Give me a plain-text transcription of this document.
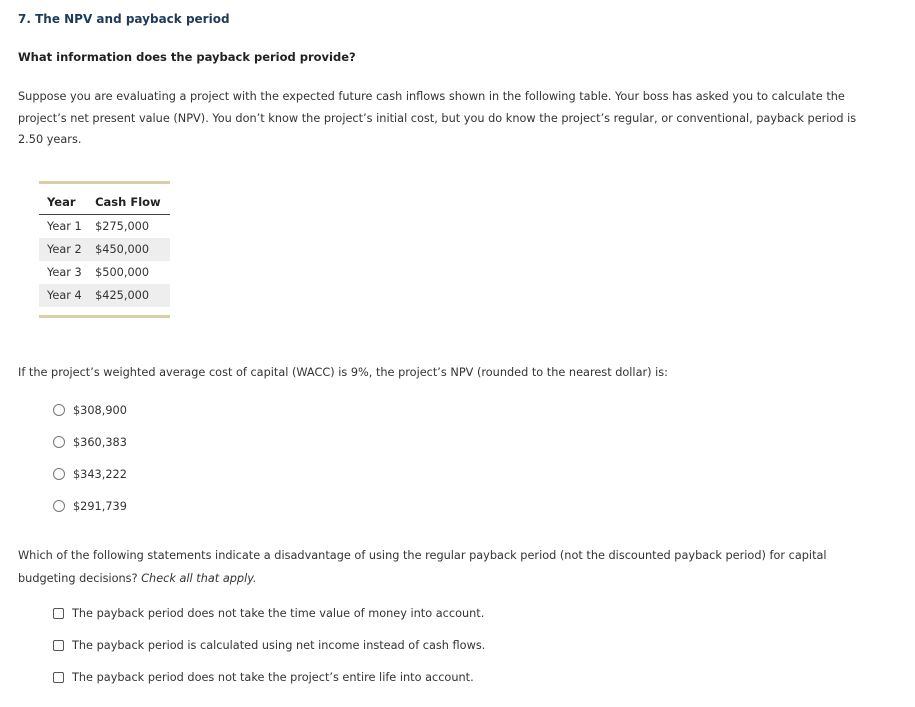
7. The NPV and payback period
What information does the payback period provide?
Suppose you are evaluating a project with the expected future cash inflows shown in the following table. Your boss has asked you to calculate the
project’s net present value (NPV). You don’t know the project’s initial cost, but you do know the project’s regular, or conventional, payback period is
2.50 years.
Year	Cash Flow
Year 1	$275,000
Year 2	$450,000
Year 3	$500,000
Year 4	$425,000
If the project’s weighted average cost of capital (WACC) is 9%, the project’s NPV (rounded to the nearest dollar) is:
$308,900
$360,383
$343,222
$291,739
Which of the following statements indicate a disadvantage of using the regular payback period (not the discounted payback period) for capital
budgeting decisions? Check all that apply.
The payback period does not take the time value of money into account.
The payback period is calculated using net income instead of cash flows.
The payback period does not take the project’s entire life into account.
